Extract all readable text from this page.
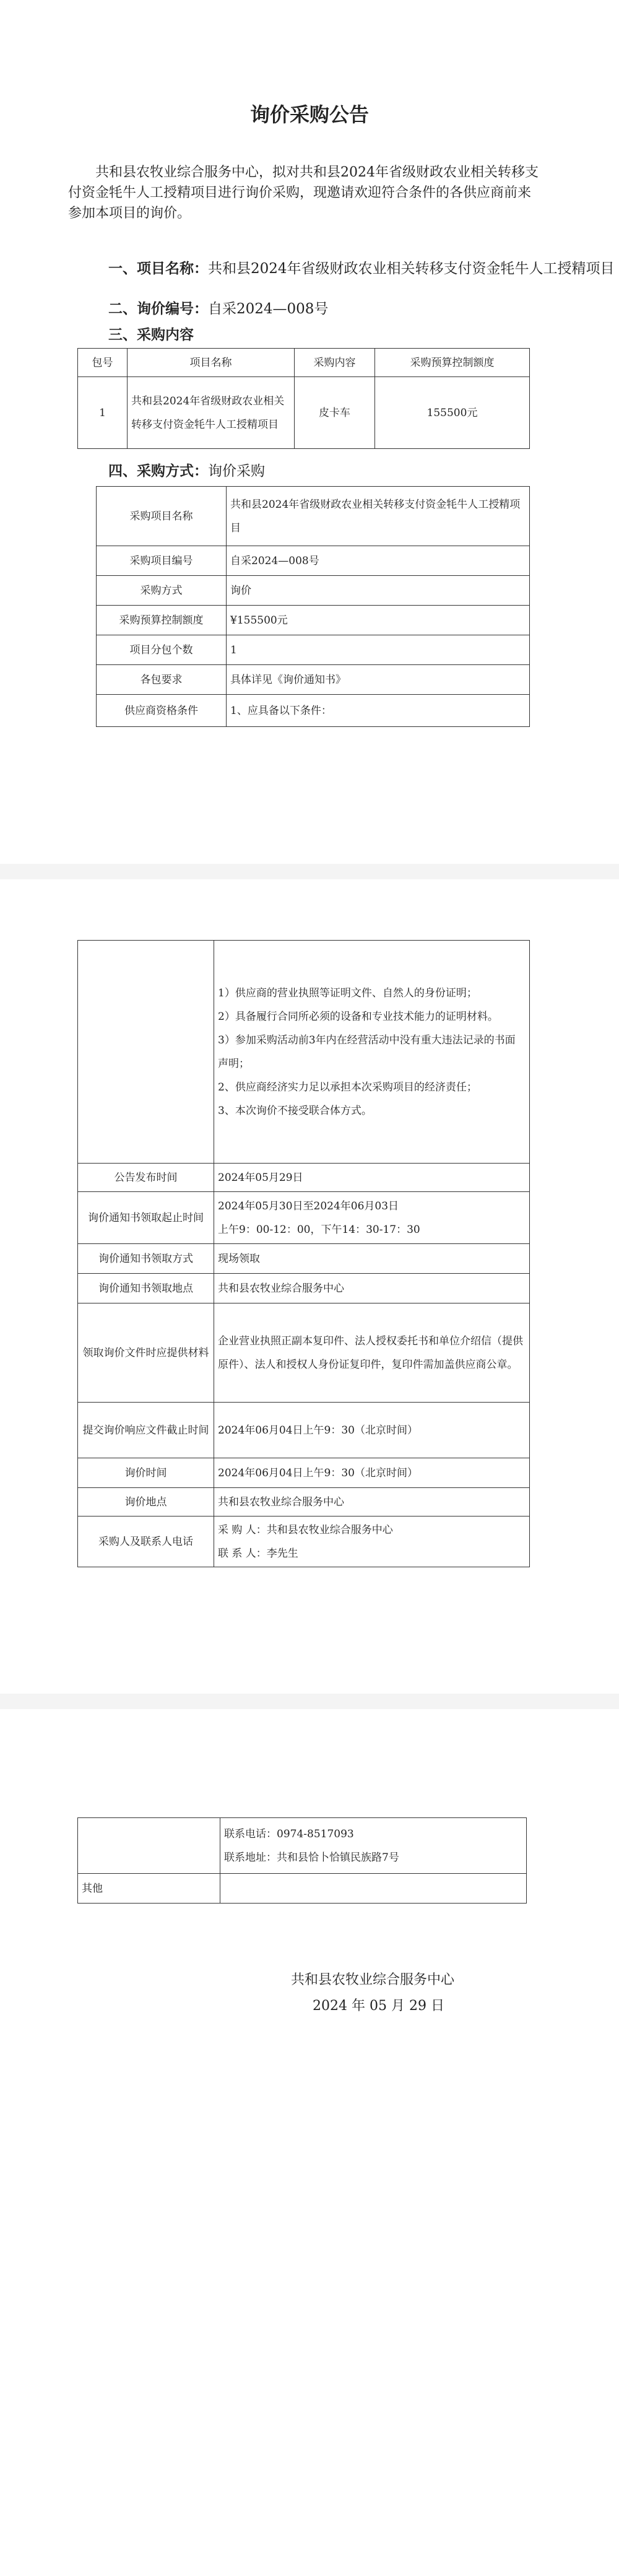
询价采购公告
共和县农牧业综合服务中心，拟对共和县2024年省级财政农业相关转移支付资金牦牛人工授精项目进行询价采购，现邀请欢迎符合条件的各供应商前来参加本项目的询价。
一、项目名称：共和县2024年省级财政农业相关转移支付资金牦牛人工授精项目
二、询价编号：自采2024—008号
三、采购内容
包号	项目名称	采购内容	采购预算控制额度
1	共和县2024年省级财政农业相关转移支付资金牦牛人工授精项目	皮卡车	155500元
四、采购方式：询价采购
采购项目名称	共和县2024年省级财政农业相关转移支付资金牦牛人工授精项目
采购项目编号	自采2024—008号
采购方式	询价
采购预算控制额度	¥155500元
项目分包个数	1
各包要求	具体详见《询价通知书》
供应商资格条件	1、应具备以下条件：

	1）供应商的营业执照等证明文件、自然人的身份证明；
2）具备履行合同所必须的设备和专业技术能力的证明材料。
3）参加采购活动前3年内在经营活动中没有重大违法记录的书面声明；
2、供应商经济实力足以承担本次采购项目的经济责任；
3、本次询价不接受联合体方式。

公告发布时间	2024年05月29日
询价通知书领取起止时间	2024年05月30日至2024年06月03日
上午9：00-12：00，下午14：30-17：30

询价通知书领取方式	现场领取
询价通知书领取地点	共和县农牧业综合服务中心
领取询价文件时应提供材料	企业营业执照正副本复印件、法人授权委托书和单位介绍信（提供原件）、法人和授权人身份证复印件，复印件需加盖供应商公章。
提交询价响应文件截止时间	2024年06月04日上午9：30（北京时间）
询价时间	2024年06月04日上午9：30（北京时间）
询价地点	共和县农牧业综合服务中心
采购人及联系人电话	采 购 人：共和县农牧业综合服务中心
联 系 人：李先生

	联系电话：0974-8517093
联系地址：共和县恰卜恰镇民族路7号

其他	
共和县农牧业综合服务中心
2024 年 05 月 29 日
